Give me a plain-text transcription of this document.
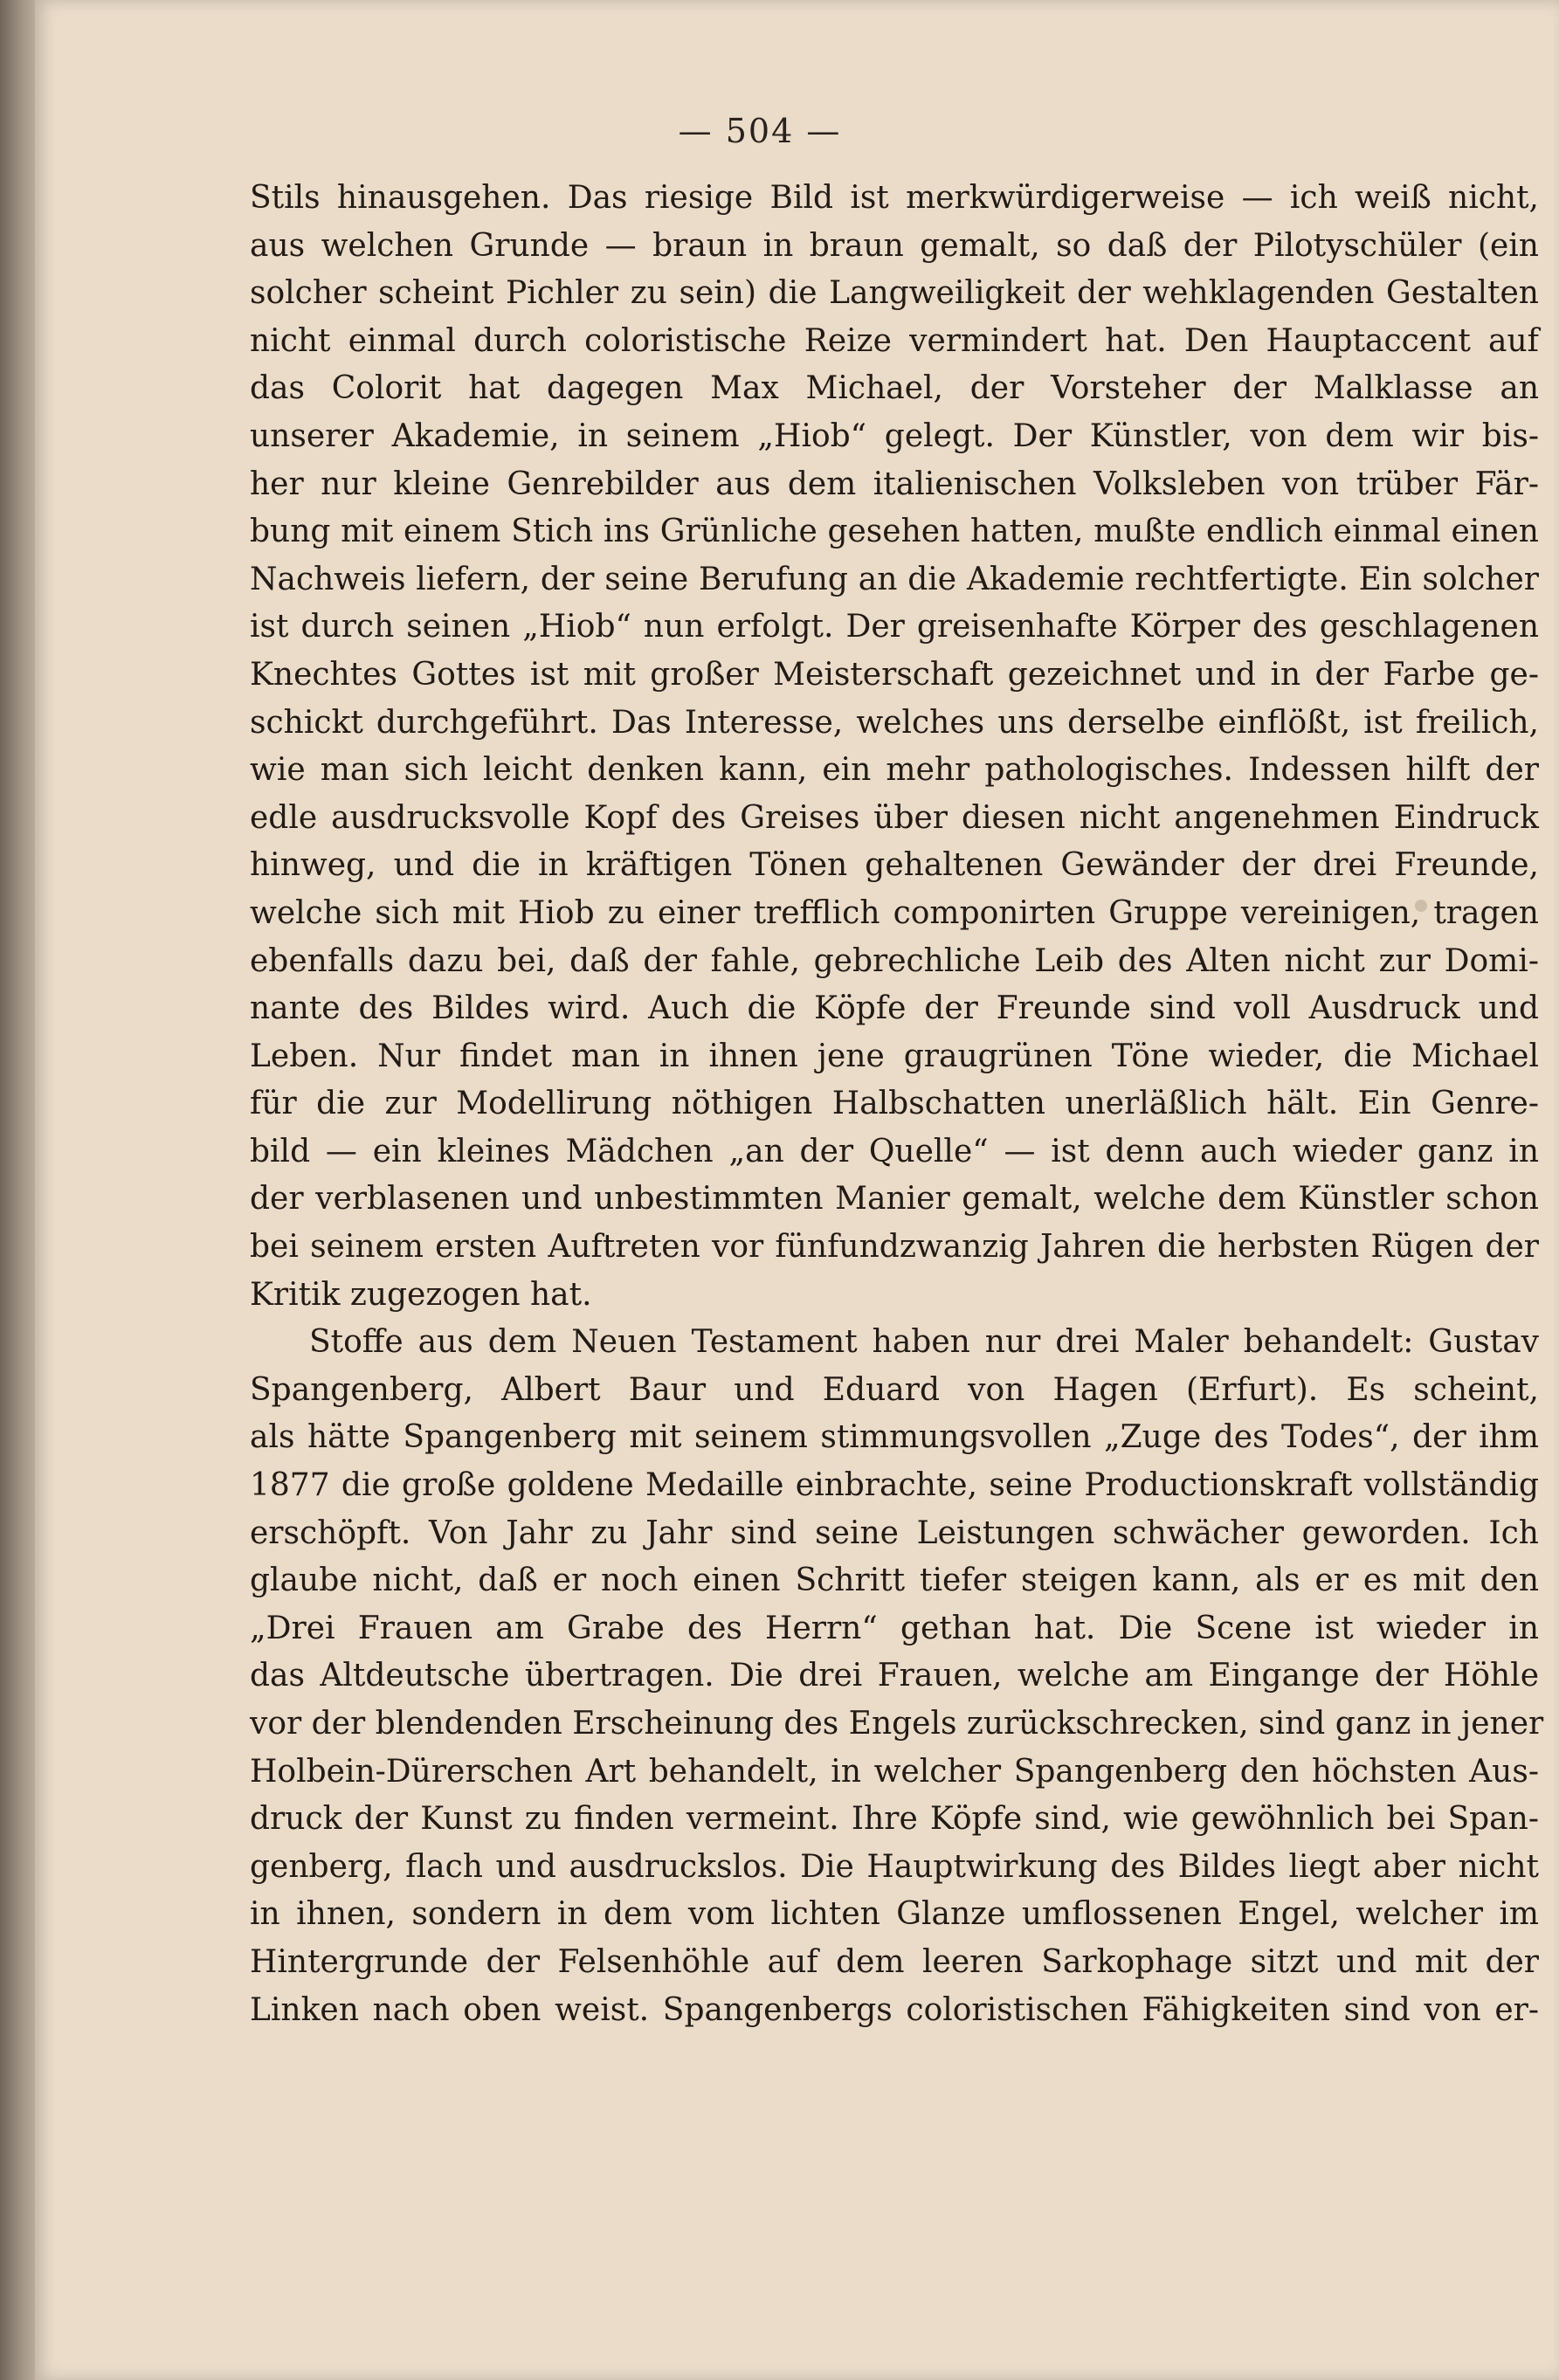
— 504 —
Stils hinausgehen. Das riesige Bild ist merkwürdigerweise — ich weiß nicht,
aus welchen Grunde — braun in braun gemalt, so daß der Pilotyschüler (ein
solcher scheint Pichler zu sein) die Langweiligkeit der wehklagenden Gestalten
nicht einmal durch coloristische Reize vermindert hat. Den Hauptaccent auf
das Colorit hat dagegen Max Michael, der Vorsteher der Malklasse an
unserer Akademie, in seinem „Hiob“ gelegt. Der Künstler, von dem wir bis-
her nur kleine Genrebilder aus dem italienischen Volksleben von trüber Fär-
bung mit einem Stich ins Grünliche gesehen hatten, mußte endlich einmal einen
Nachweis liefern, der seine Berufung an die Akademie rechtfertigte. Ein solcher
ist durch seinen „Hiob“ nun erfolgt. Der greisenhafte Körper des geschlagenen
Knechtes Gottes ist mit großer Meisterschaft gezeichnet und in der Farbe ge-
schickt durchgeführt. Das Interesse, welches uns derselbe einflößt, ist freilich,
wie man sich leicht denken kann, ein mehr pathologisches. Indessen hilft der
edle ausdrucksvolle Kopf des Greises über diesen nicht angenehmen Eindruck
hinweg, und die in kräftigen Tönen gehaltenen Gewänder der drei Freunde,
welche sich mit Hiob zu einer trefflich componirten Gruppe vereinigen, tragen
ebenfalls dazu bei, daß der fahle, gebrechliche Leib des Alten nicht zur Domi-
nante des Bildes wird. Auch die Köpfe der Freunde sind voll Ausdruck und
Leben. Nur findet man in ihnen jene graugrünen Töne wieder, die Michael
für die zur Modellirung nöthigen Halbschatten unerläßlich hält. Ein Genre-
bild — ein kleines Mädchen „an der Quelle“ — ist denn auch wieder ganz in
der verblasenen und unbestimmten Manier gemalt, welche dem Künstler schon
bei seinem ersten Auftreten vor fünfundzwanzig Jahren die herbsten Rügen der
Kritik zugezogen hat.
Stoffe aus dem Neuen Testament haben nur drei Maler behandelt: Gustav
Spangenberg, Albert Baur und Eduard von Hagen (Erfurt). Es scheint,
als hätte Spangenberg mit seinem stimmungsvollen „Zuge des Todes“, der ihm
1877 die große goldene Medaille einbrachte, seine Productionskraft vollständig
erschöpft. Von Jahr zu Jahr sind seine Leistungen schwächer geworden. Ich
glaube nicht, daß er noch einen Schritt tiefer steigen kann, als er es mit den
„Drei Frauen am Grabe des Herrn“ gethan hat. Die Scene ist wieder in
das Altdeutsche übertragen. Die drei Frauen, welche am Eingange der Höhle
vor der blendenden Erscheinung des Engels zurückschrecken, sind ganz in jener
Holbein-Dürerschen Art behandelt, in welcher Spangenberg den höchsten Aus-
druck der Kunst zu finden vermeint. Ihre Köpfe sind, wie gewöhnlich bei Span-
genberg, flach und ausdruckslos. Die Hauptwirkung des Bildes liegt aber nicht
in ihnen, sondern in dem vom lichten Glanze umflossenen Engel, welcher im
Hintergrunde der Felsenhöhle auf dem leeren Sarkophage sitzt und mit der
Linken nach oben weist. Spangenbergs coloristischen Fähigkeiten sind von er-
